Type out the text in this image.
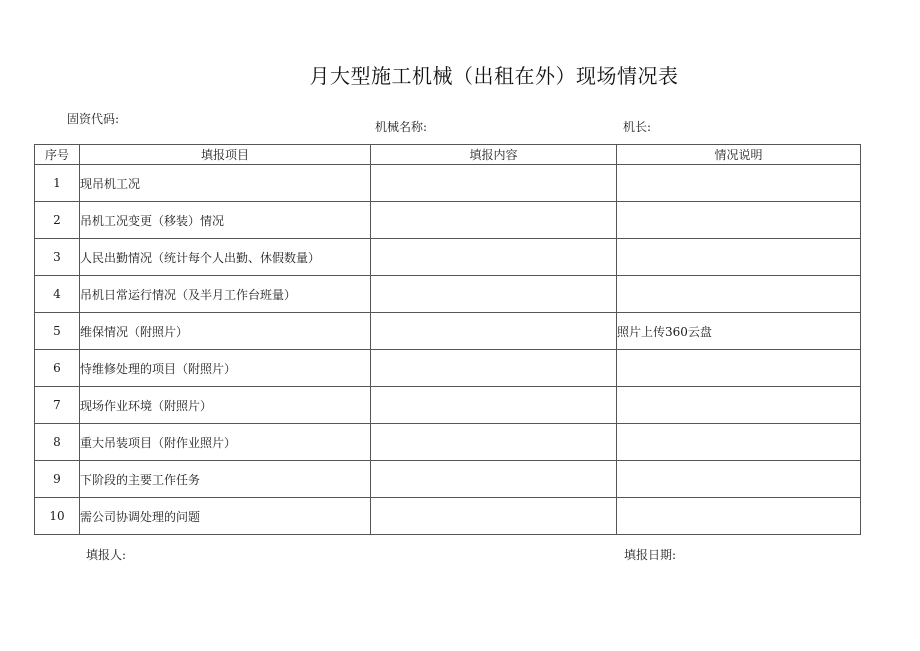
月大型施工机械（出租在外）现场情况表
固资代码:
机械名称:	机长:
序号	填报项目	填报内容	情况说明
1	现吊机工况		
2	吊机工况变更（移装）情况		
3	人民出勤情况（统计每个人出勤、休假数量）		
4	吊机日常运行情况（及半月工作台班量）		
5	维保情况（附照片）		照片上传360云盘
6	恃维修处理的项目（附照片）		
7	现场作业环境（附照片）		
8	重大吊装项目（附作业照片）		
9	下阶段的主要工作任务		
10	需公司协调处理的问题		
填报人:	填报日期:
